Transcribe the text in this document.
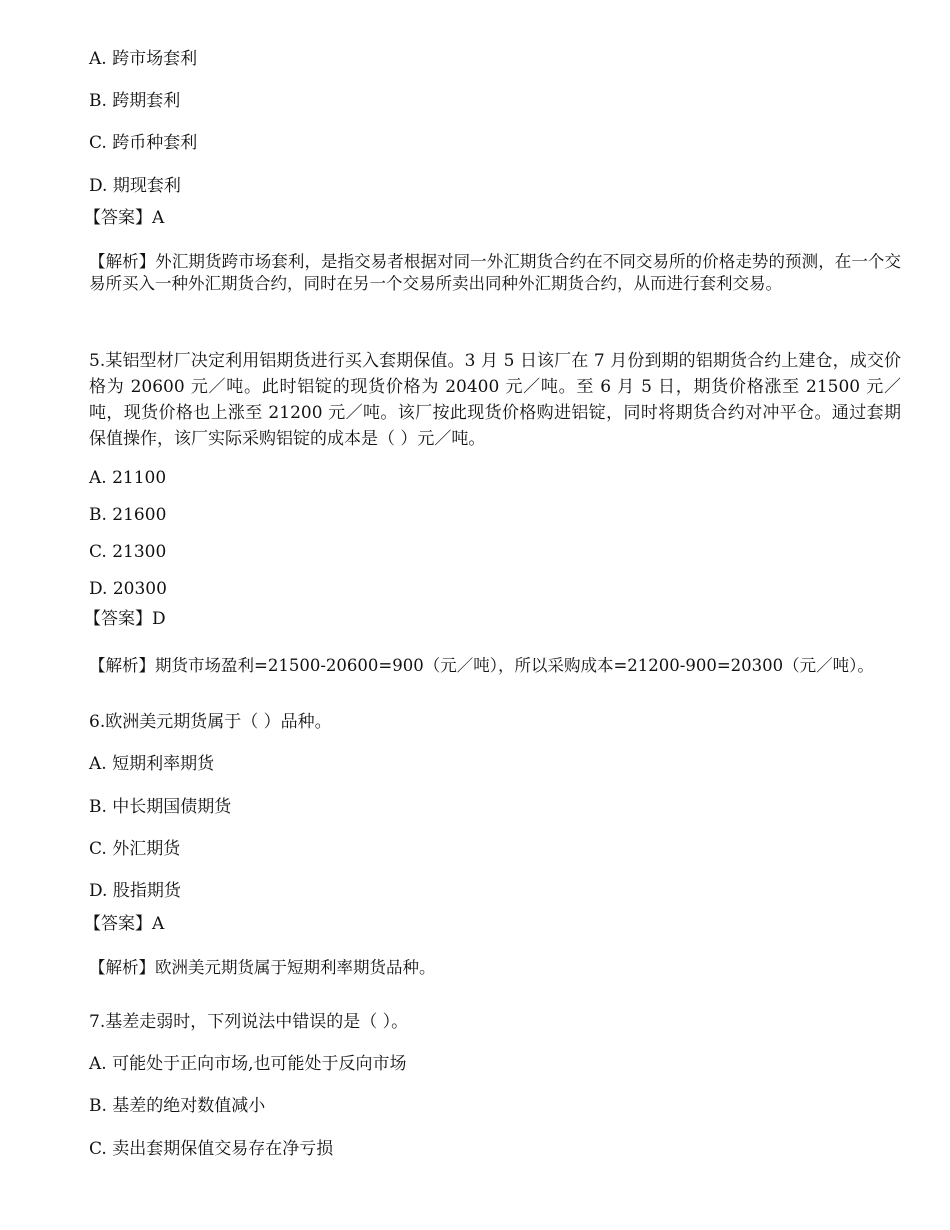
A. 跨市场套利
B. 跨期套利
C. 跨币种套利
D. 期现套利
【答案】A
【解析】外汇期货跨市场套利，是指交易者根据对同一外汇期货合约在不同交易所的价格走势的预测，在一个交易所买入一种外汇期货合约，同时在另一个交易所卖出同种外汇期货合约，从而进行套利交易。
5.某铝型材厂决定利用铝期货进行买入套期保值。3 月 5 日该厂在 7 月份到期的铝期货合约上建仓，成交价格为 20600 元／吨。此时铝锭的现货价格为 20400 元／吨。至 6 月 5 日，期货价格涨至 21500 元／吨，现货价格也上涨至 21200 元／吨。该厂按此现货价格购进铝锭，同时将期货合约对冲平仓。通过套期保值操作，该厂实际采购铝锭的成本是（ ）元／吨。
A. 21100
B. 21600
C. 21300
D. 20300
【答案】D
【解析】期货市场盈利=21500-20600=900（元／吨），所以采购成本=21200-900=20300（元／吨）。
6.欧洲美元期货属于（ ）品种。
A. 短期利率期货
B. 中长期国债期货
C. 外汇期货
D. 股指期货
【答案】A
【解析】欧洲美元期货属于短期利率期货品种。
7.基差走弱时，下列说法中错误的是（ ）。
A. 可能处于正向市场,也可能处于反向市场
B. 基差的绝对数值减小
C. 卖出套期保值交易存在净亏损
